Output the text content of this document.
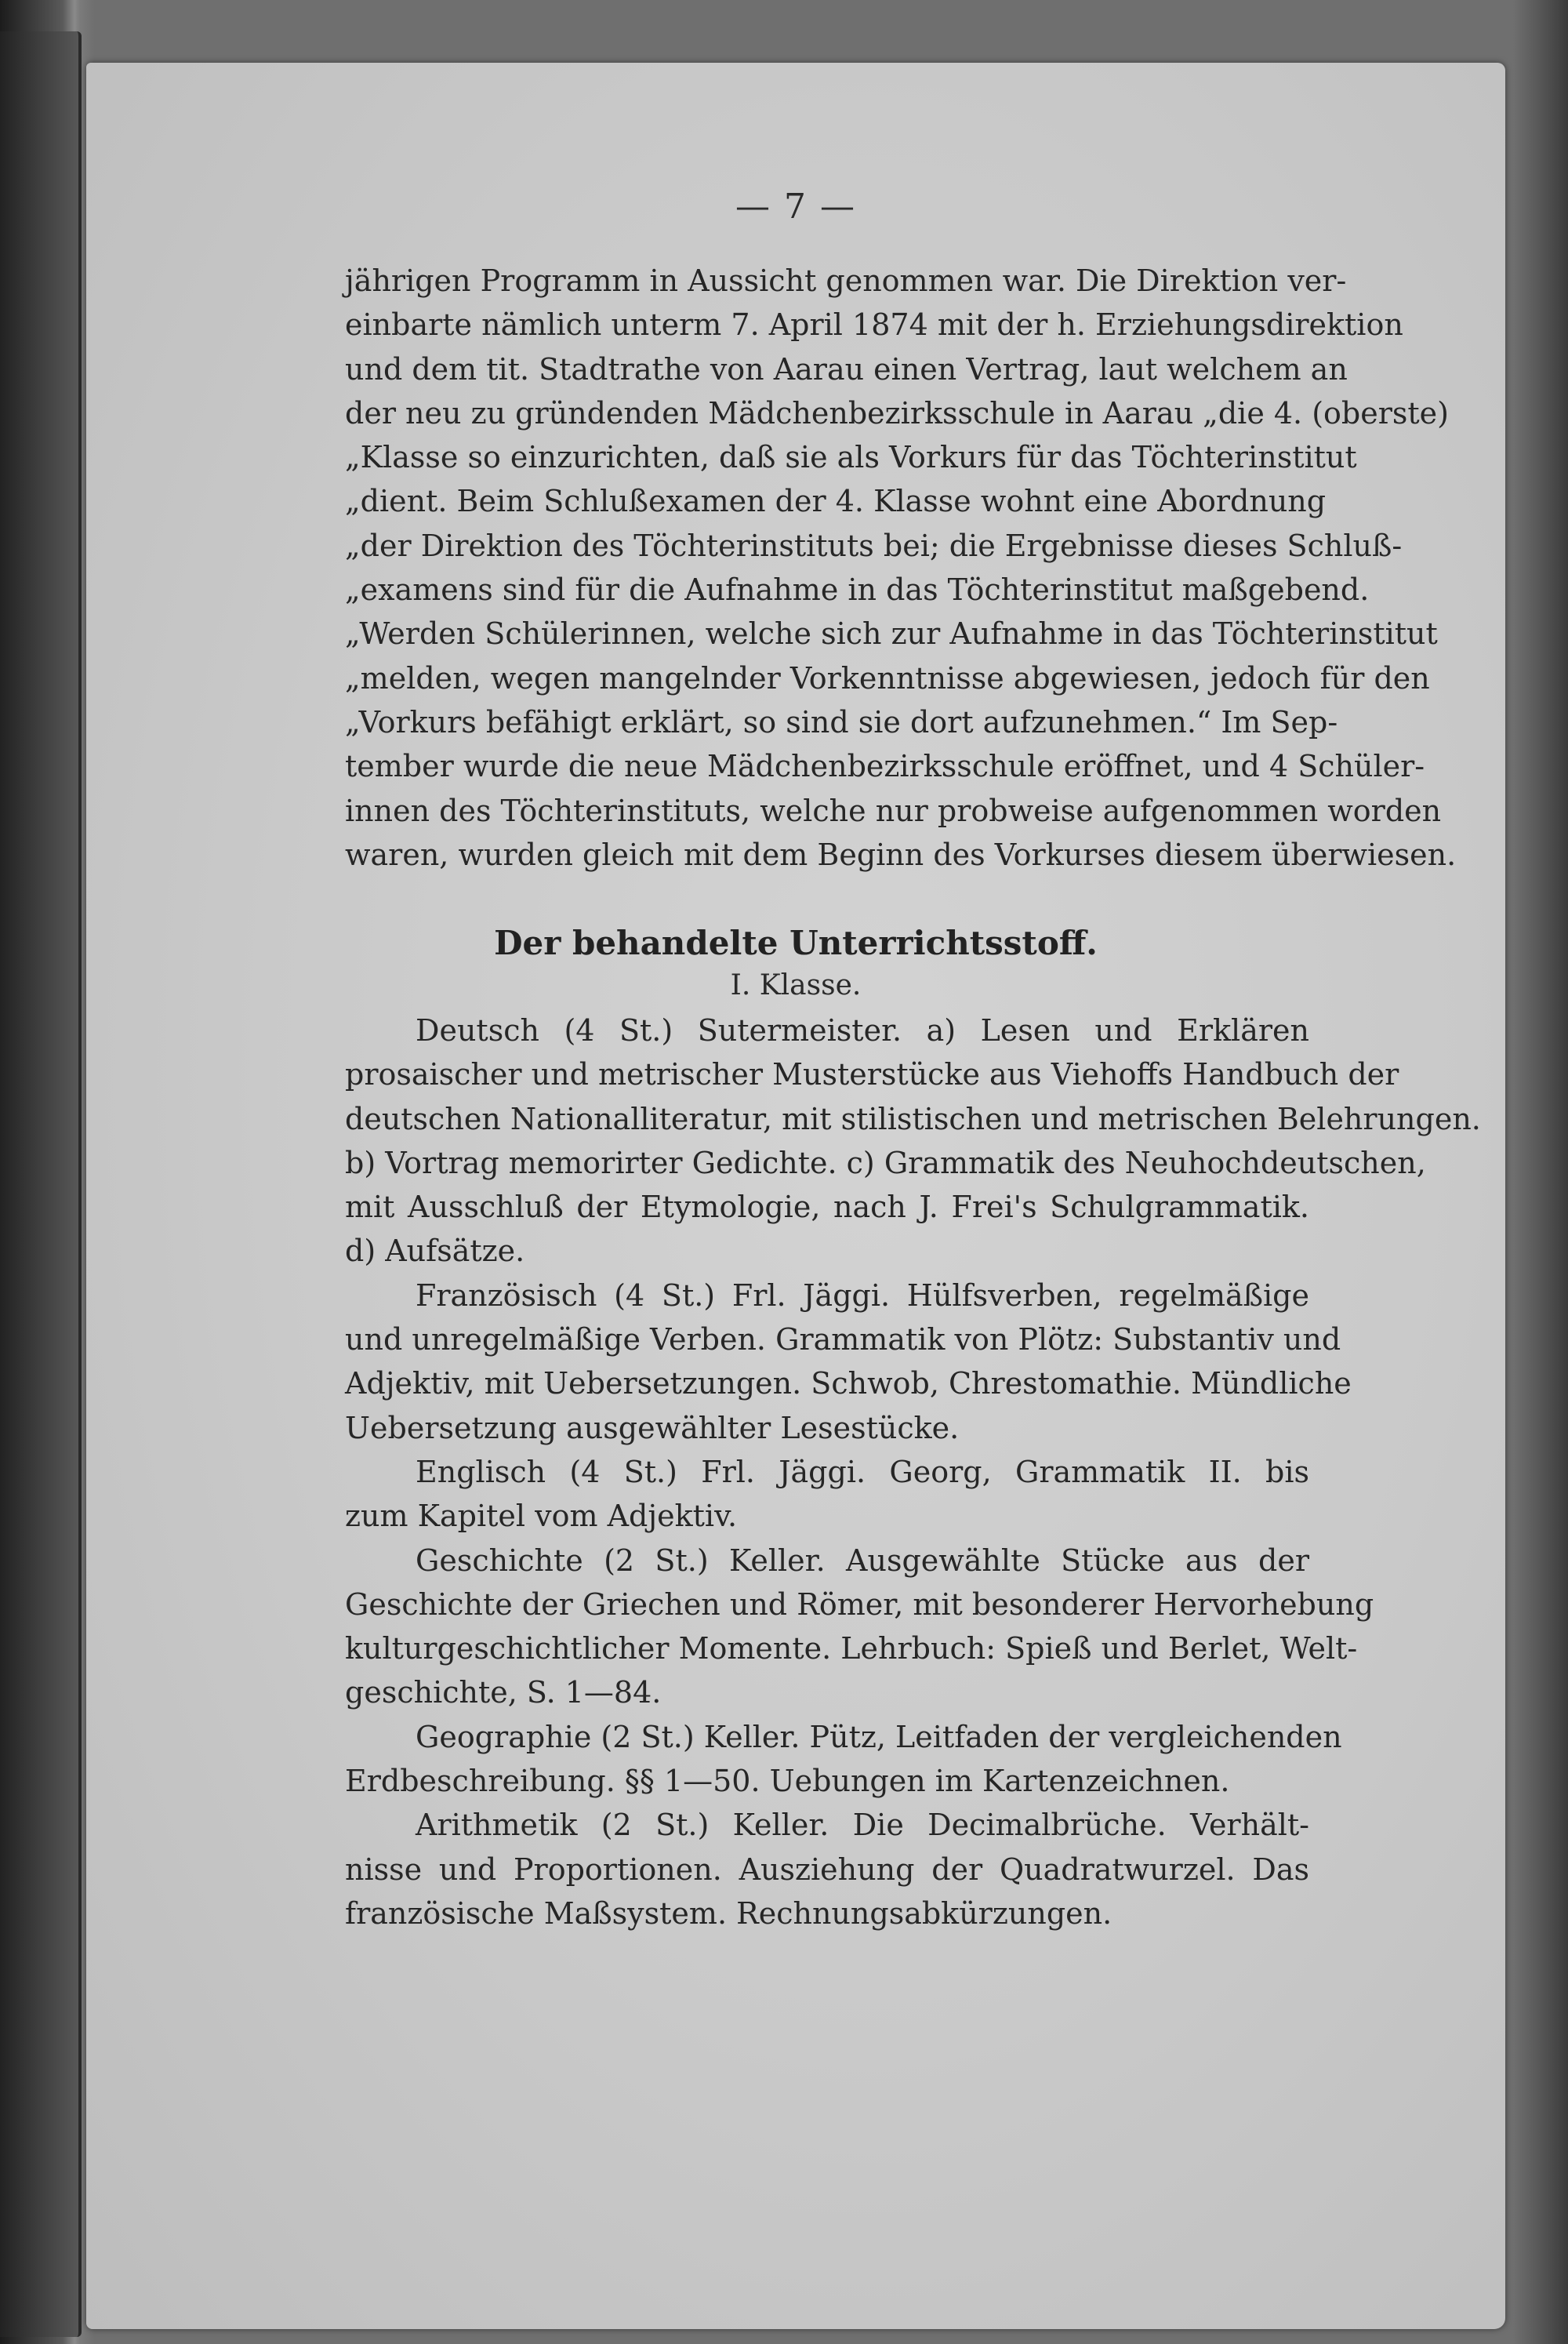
— 7 —
jährigen Programm in Aussicht genommen war. Die Direktion ver-
einbarte nämlich unterm 7. April 1874 mit der h. Erziehungsdirektion
und dem tit. Stadtrathe von Aarau einen Vertrag, laut welchem an
der neu zu gründenden Mädchenbezirksschule in Aarau „die 4. (oberste)
„Klasse so einzurichten, daß sie als Vorkurs für das Töchterinstitut
„dient. Beim Schlußexamen der 4. Klasse wohnt eine Abordnung
„der Direktion des Töchterinstituts bei; die Ergebnisse dieses Schluß-
„examens sind für die Aufnahme in das Töchterinstitut maßgebend.
„Werden Schülerinnen, welche sich zur Aufnahme in das Töchterinstitut
„melden, wegen mangelnder Vorkenntnisse abgewiesen, jedoch für den
„Vorkurs befähigt erklärt, so sind sie dort aufzunehmen.“ Im Sep-
tember wurde die neue Mädchenbezirksschule eröffnet, und 4 Schüler-
innen des Töchterinstituts, welche nur probweise aufgenommen worden
waren, wurden gleich mit dem Beginn des Vorkurses diesem überwiesen.
Der behandelte Unterrichtsstoff.
I. Klasse.
Deutsch (4 St.) Sutermeister. a) Lesen und Erklären
prosaischer und metrischer Musterstücke aus Viehoffs Handbuch der
deutschen Nationalliteratur, mit stilistischen und metrischen Belehrungen.
b) Vortrag memorirter Gedichte. c) Grammatik des Neuhochdeutschen,
mit Ausschluß der Etymologie, nach J. Frei's Schulgrammatik.
d) Aufsätze.
Französisch (4 St.) Frl. Jäggi. Hülfsverben, regelmäßige
und unregelmäßige Verben. Grammatik von Plötz: Substantiv und
Adjektiv, mit Uebersetzungen. Schwob, Chrestomathie. Mündliche
Uebersetzung ausgewählter Lesestücke.
Englisch (4 St.) Frl. Jäggi. Georg, Grammatik II. bis
zum Kapitel vom Adjektiv.
Geschichte (2 St.) Keller. Ausgewählte Stücke aus der
Geschichte der Griechen und Römer, mit besonderer Hervorhebung
kulturgeschichtlicher Momente. Lehrbuch: Spieß und Berlet, Welt-
geschichte, S. 1—84.
Geographie (2 St.) Keller. Pütz, Leitfaden der vergleichenden
Erdbeschreibung. §§ 1—50. Uebungen im Kartenzeichnen.
Arithmetik (2 St.) Keller. Die Decimalbrüche. Verhält-
nisse und Proportionen. Ausziehung der Quadratwurzel. Das
französische Maßsystem. Rechnungsabkürzungen.
